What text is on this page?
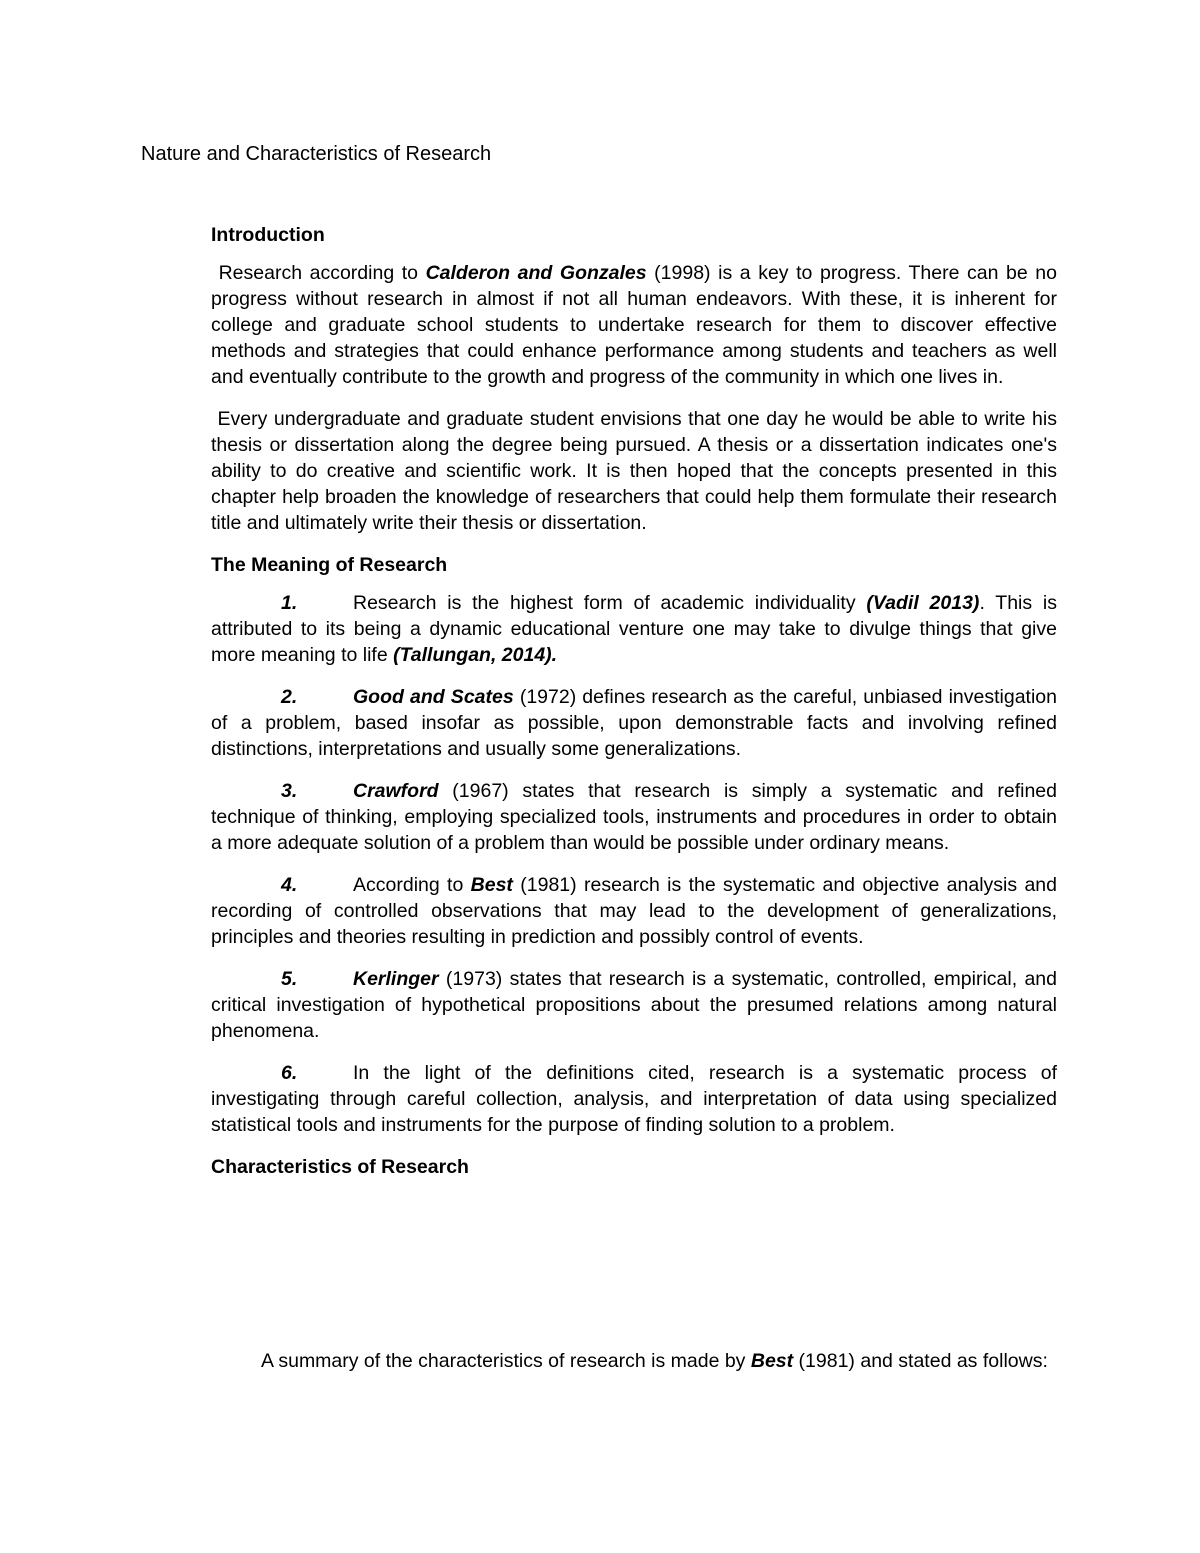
Nature and Characteristics of Research
Introduction

Research according to Calderon and Gonzales (1998) is a key to progress. There can be no progress without research in almost if not all human endeavors. With these, it is inherent for college and graduate school students to undertake research for them to discover effective methods and strategies that could enhance performance among students and teachers as well and eventually contribute to the growth and progress of the community in which one lives in.

Every undergraduate and graduate student envisions that one day he would be able to write his thesis or dissertation along the degree being pursued. A thesis or a dissertation indicates one's ability to do creative and scientific work. It is then hoped that the concepts presented in this chapter help broaden the knowledge of researchers that could help them formulate their research title and ultimately write their thesis or dissertation.

The Meaning of Research

1.	Research is the highest form of academic individuality (Vadil 2013). This is attributed to its being a dynamic educational venture one may take to divulge things that give more meaning to life (Tallungan, 2014).

2.	Good and Scates (1972) defines research as the careful, unbiased investigation of a problem, based insofar as possible, upon demonstrable facts and involving refined distinctions, interpretations and usually some generalizations.

3.	Crawford (1967) states that research is simply a systematic and refined technique of thinking, employing specialized tools, instruments and procedures in order to obtain a more adequate solution of a problem than would be possible under ordinary means.

4.	According to Best (1981) research is the systematic and objective analysis and recording of controlled observations that may lead to the development of generalizations, principles and theories resulting in prediction and possibly control of events.

5.	Kerlinger (1973) states that research is a systematic, controlled, empirical, and critical investigation of hypothetical propositions about the presumed relations among natural phenomena.

6.	In the light of the definitions cited, research is a systematic process of investigating through careful collection, analysis, and interpretation of data using specialized statistical tools and instruments for the purpose of finding solution to a problem.

Characteristics of Research

A summary of the characteristics of research is made by Best (1981) and stated as follows:
